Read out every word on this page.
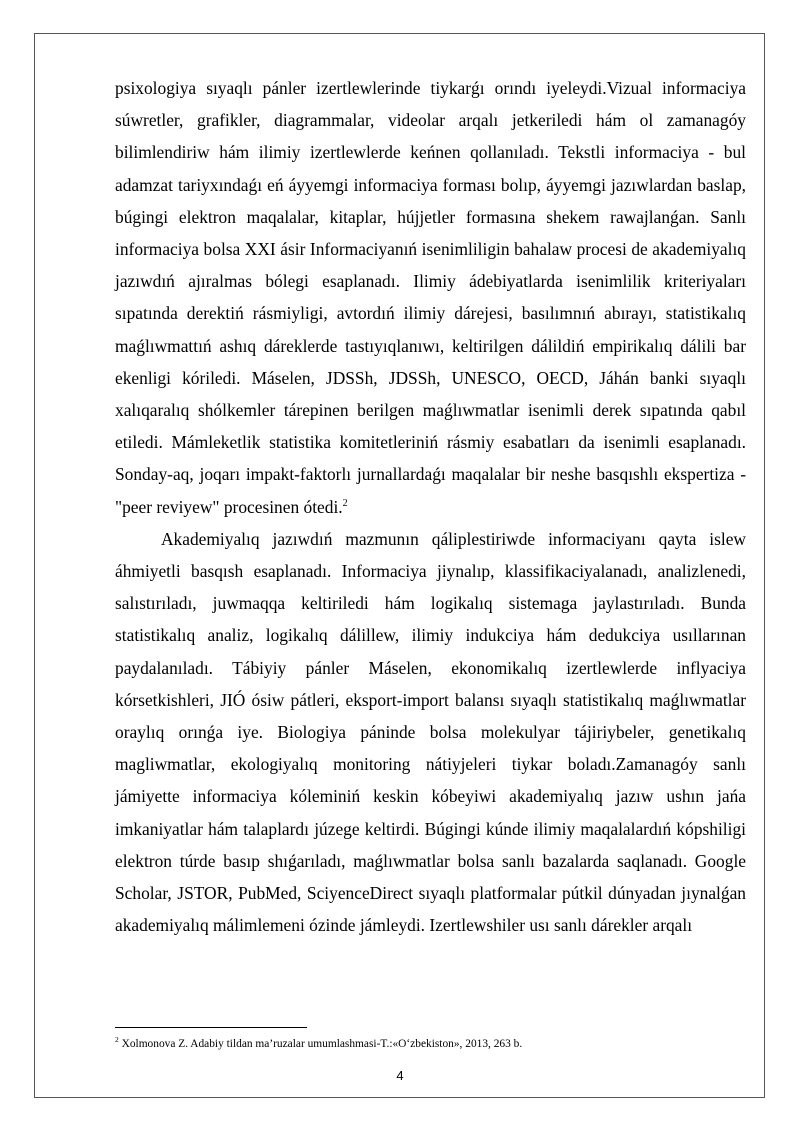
psixologiya sıyaqlı pánler izertlewlerinde tiykarǵı orındı iyeleydi.Vizual informaciya súwretler, grafikler, diagrammalar, videolar arqalı jetkeriledi hám ol zamanagóy bilimlendiriw hám ilimiy izertlewlerde keńnen qollanıladı. Tekstli informaciya - bul adamzat tariyxındaǵı eń áyyemgi informaciya forması bolıp, áyyemgi jazıwlardan baslap, búgingi elektron maqalalar, kitaplar, hújjetler formasına shekem rawajlanǵan. Sanlı informaciya bolsa XXI ásir Informaciyanıń isenimliligin bahalaw procesi de akademiyalıq jazıwdıń ajıralmas bólegi esaplanadı. Ilimiy ádebiyatlarda isenimlilik kriteriyaları sıpatında derektiń rásmiyligi, avtordıń ilimiy dárejesi, basılımnıń abırayı, statistikalıq maǵlıwmattıń ashıq dáreklerde tastıyıqlanıwı, keltirilgen dálildiń empirikalıq dálili bar ekenligi kóriledi. Máselen, JDSSh, JDSSh, UNESCO, OECD, Jáhán banki sıyaqlı xalıqaralıq shólkemler tárepinen berilgen maǵlıwmatlar isenimli derek sıpatında qabıl etiledi. Mámleketlik statistika komitetleriniń rásmiy esabatları da isenimli esaplanadı. Sonday-aq, joqarı impakt-faktorlı jurnallardaǵı maqalalar bir neshe basqıshlı ekspertiza - "peer reviyew" procesinen ótedi.$^2$

Akademiyalıq jazıwdıń mazmunın qáliplestiriwde informaciyanı qayta islew áhmiyetli basqısh esaplanadı. Informaciya jiynalıp, klassifikaciyalanadı, analizlenedi, salıstırıladı, juwmaqqa keltiriledi hám logikalıq sistemaga jaylastırıladı. Bunda statistikalıq analiz, logikalıq dálillew, ilimiy indukciya hám dedukciya usıllarınan paydalanıladı. Tábiyiy pánler Máselen, ekonomikalıq izertlewlerde inflyaciya kórsetkishleri, JIÓ ósiw pátleri, eksport-import balansı sıyaqlı statistikalıq maǵlıwmatlar oraylıq orınǵa iye. Biologiya páninde bolsa molekulyar tájiriybeler, genetikalıq magliwmatlar, ekologiyalıq monitoring nátiyjeleri tiykar boladı.Zamanagóy sanlı jámiyette informaciya kóleminiń keskin kóbeyiwi akademiyalıq jazıw ushın jańa imkaniyatlar hám talaplardı júzege keltirdi. Búgingi kúnde ilimiy maqalalardıń kópshiligi elektron túrde basıp shıǵarıladı, maǵlıwmatlar bolsa sanlı bazalarda saqlanadı. Google Scholar, JSTOR, PubMed, SciyenceDirect sıyaqlı platformalar pútkil dúnyadan jıynalǵan akademiyalıq málimlemeni ózinde jámleydi. Izertlewshiler usı sanlı dárekler arqalı

$^2$ Xolmonova Z. Adabiy tildan ma’ruzalar umumlashmasi-T.:«O‘zbekiston», 2013, 263 b.
4
